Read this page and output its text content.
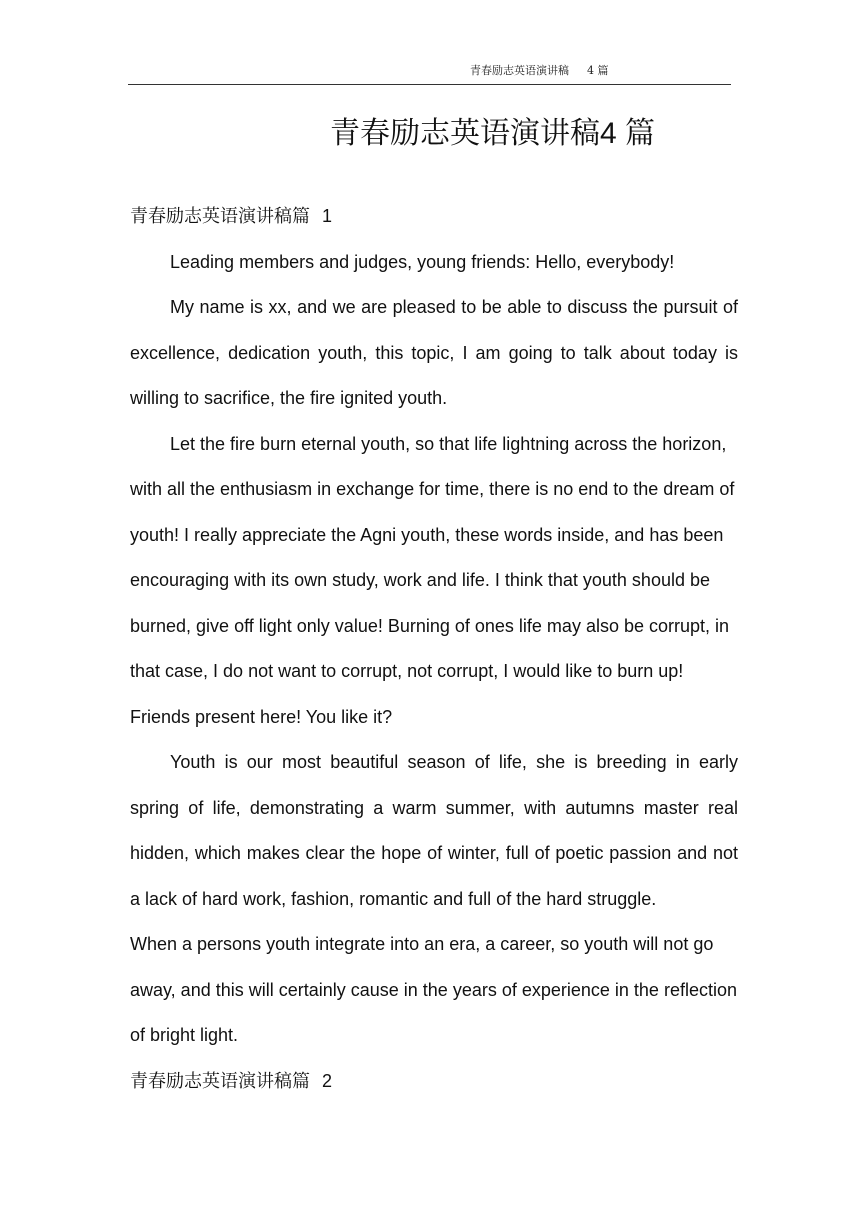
青春励志英语演讲稿 4 篇
青春励志英语演讲稿4 篇

青春励志英语演讲稿篇 1

Leading members and judges, young friends: Hello, everybody!

My name is xx, and we are pleased to be able to discuss the pursuit of excellence, dedication youth, this topic, I am going to talk about today is willing to sacrifice, the fire ignited youth.

Let the fire burn eternal youth, so that life lightning across the horizon, with all the enthusiasm in exchange for time, there is no end to the dream of youth! I really appreciate the Agni youth, these words inside, and has been encouraging with its own study, work and life. I think that youth should be burned, give off light only value! Burning of ones life may also be corrupt, in that case, I do not want to corrupt, not corrupt, I would like to burn up! Friends present here! You like it?

Youth is our most beautiful season of life, she is breeding in early spring of life, demonstrating a warm summer, with autumns master real hidden, which makes clear the hope of winter, full of poetic passion and not a lack of hard work, fashion, romantic and full of the hard struggle.

When a persons youth integrate into an era, a career, so youth will not go away, and this will certainly cause in the years of experience in the reflection of bright light.

青春励志英语演讲稿篇 2
